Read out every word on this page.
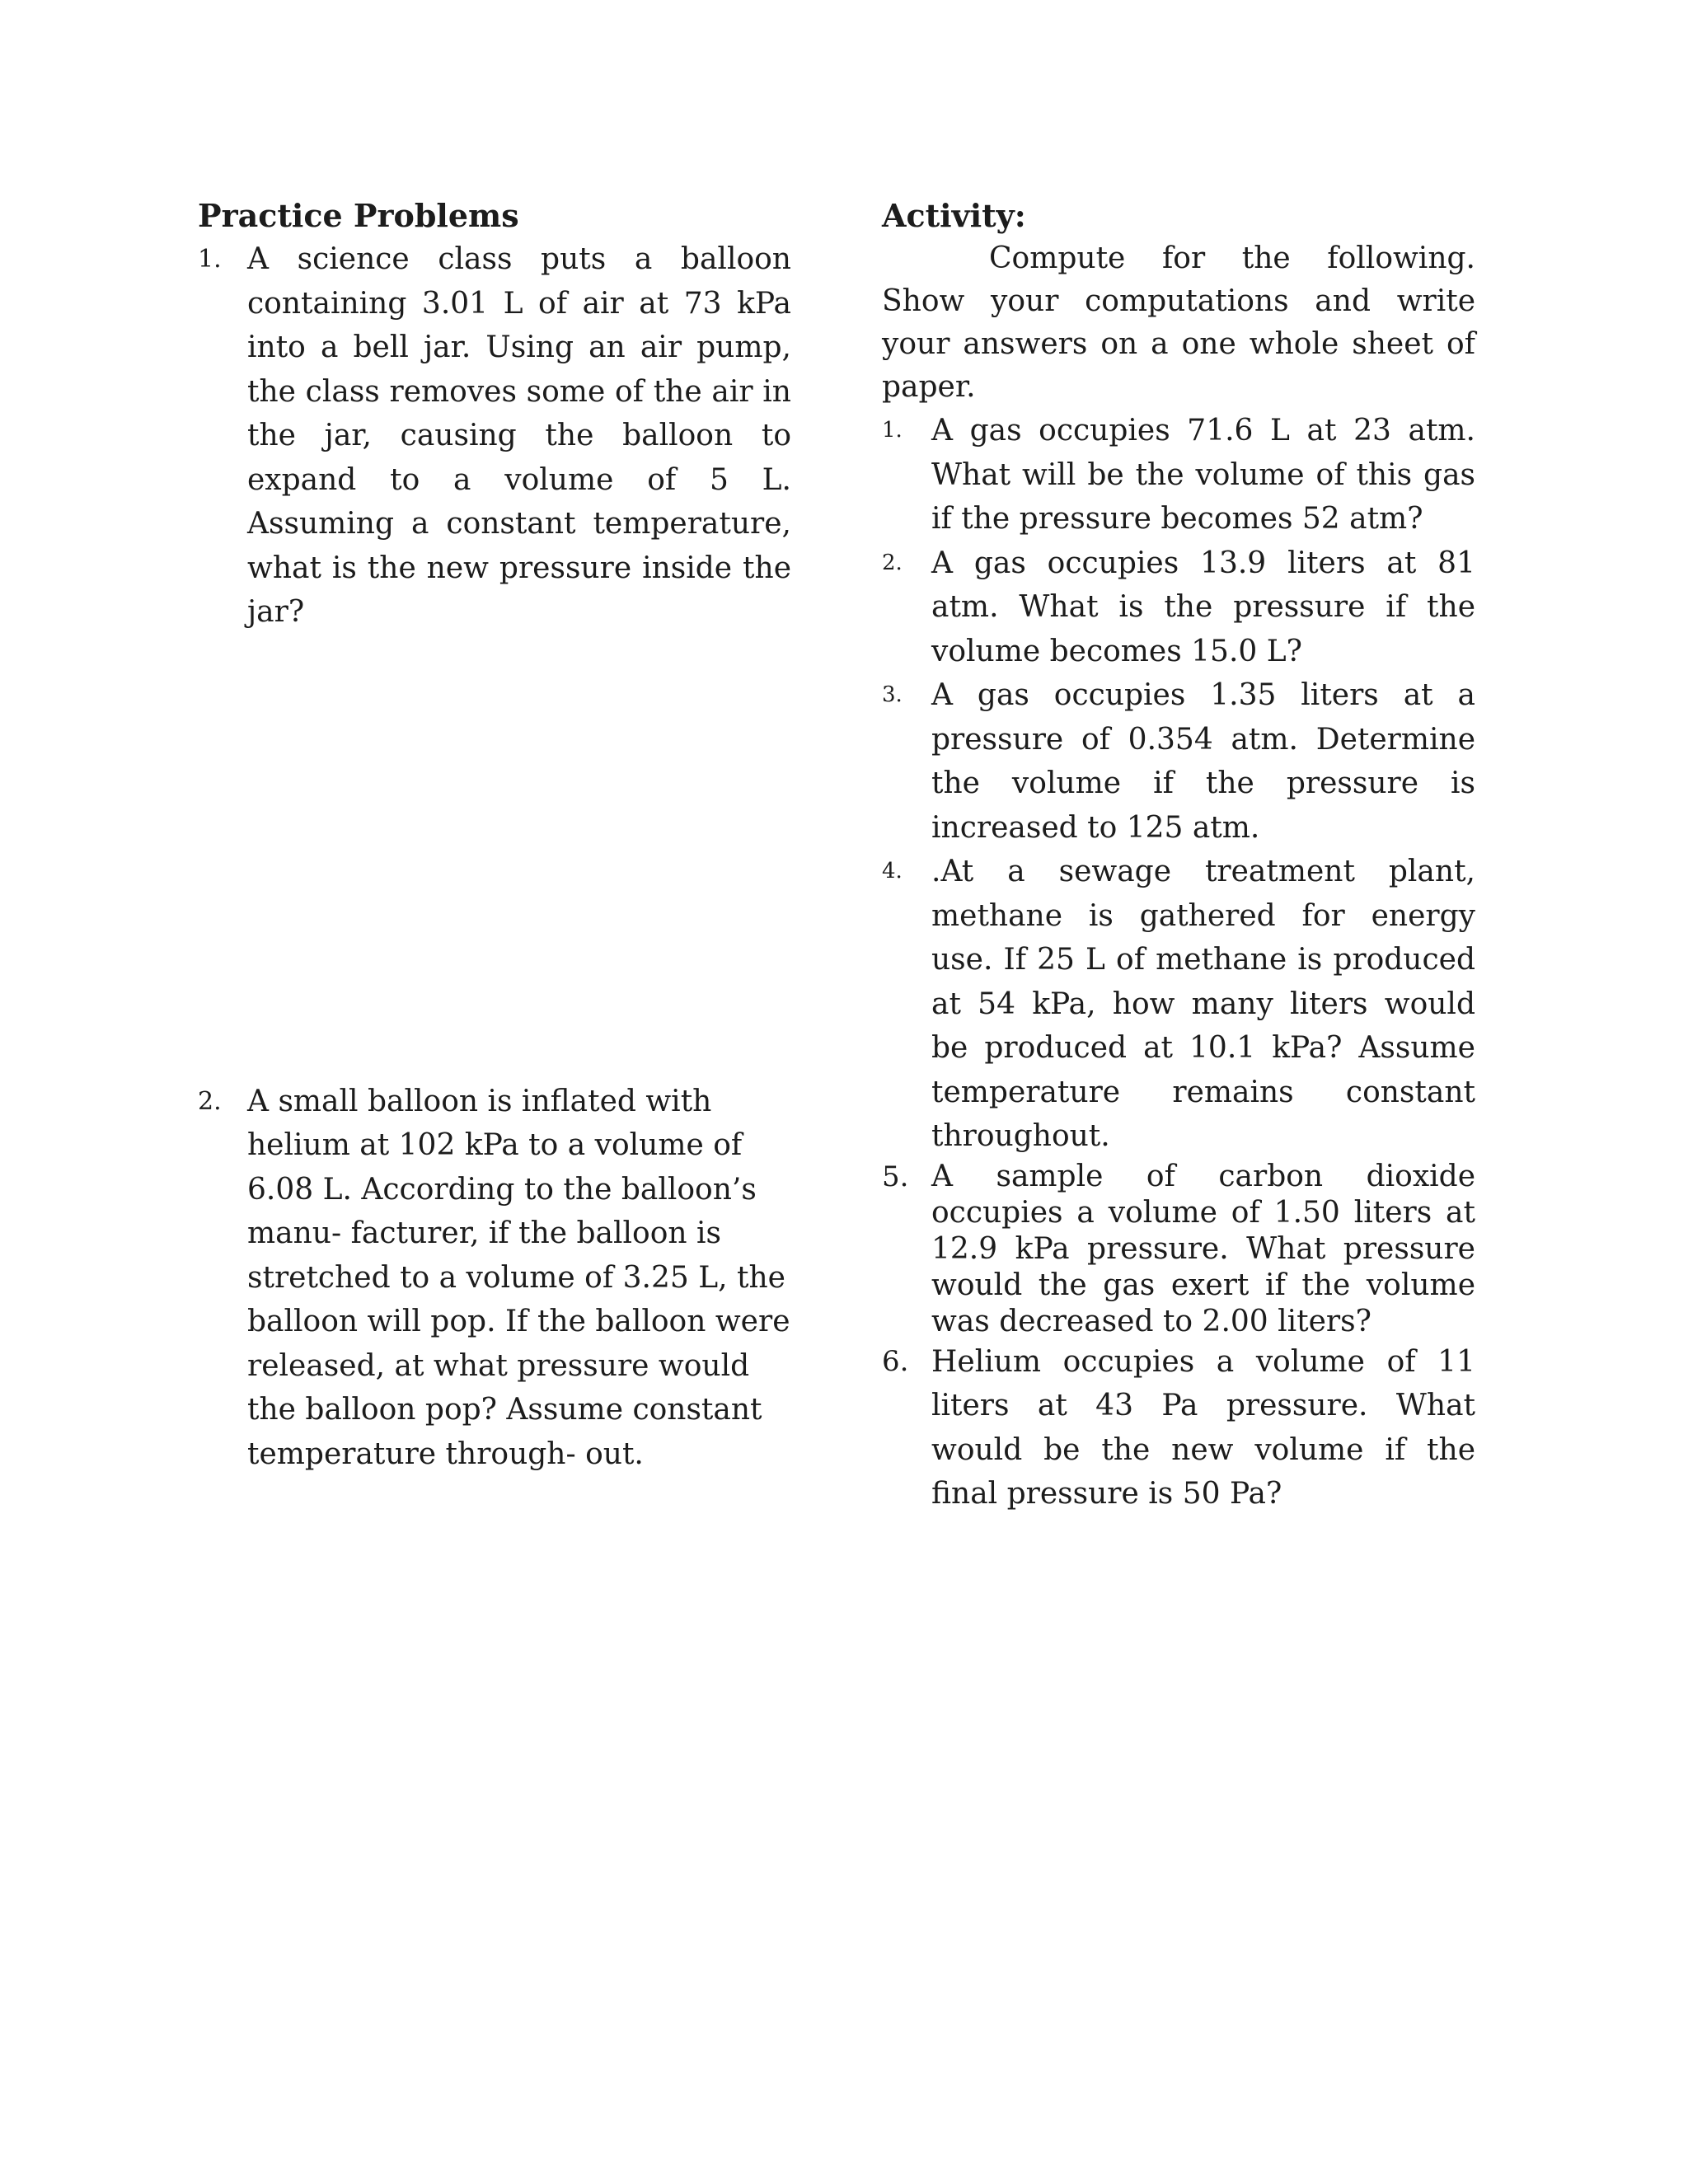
Practice Problems
1. A science class puts a balloon containing 3.01 L of air at 73 kPa into a bell jar. Using an air pump, the class removes some of the air in the jar, causing the balloon to expand to a volume of 5 L. Assuming a constant temperature, what is the new pressure inside the jar?
2. A small balloon is inflated with helium at 102 kPa to a volume of 6.08 L. According to the balloon’s manu- facturer, if the balloon is stretched to a volume of 3.25 L, the balloon will pop. If the balloon were released, at what pressure would the balloon pop? Assume constant temperature through- out.
Activity:

Compute for the following. Show your computations and write your answers on a one whole sheet of paper.

1. A gas occupies 71.6 L at 23 atm. What will be the volume of this gas if the pressure becomes 52 atm?
2. A gas occupies 13.9 liters at 81 atm. What is the pressure if the volume becomes 15.0 L?
3. A gas occupies 1.35 liters at a pressure of 0.354 atm. Determine the volume if the pressure is increased to 125 atm.
4. .At a sewage treatment plant, methane is gathered for energy use. If 25 L of methane is produced at 54 kPa, how many liters would be produced at 10.1 kPa? Assume temperature remains constant throughout.
5. A sample of carbon dioxide occupies a volume of 1.50 liters at 12.9 kPa pressure. What pressure would the gas exert if the volume was decreased to 2.00 liters?
6. Helium occupies a volume of 11 liters at 43 Pa pressure. What would be the new volume if the final pressure is 50 Pa?
